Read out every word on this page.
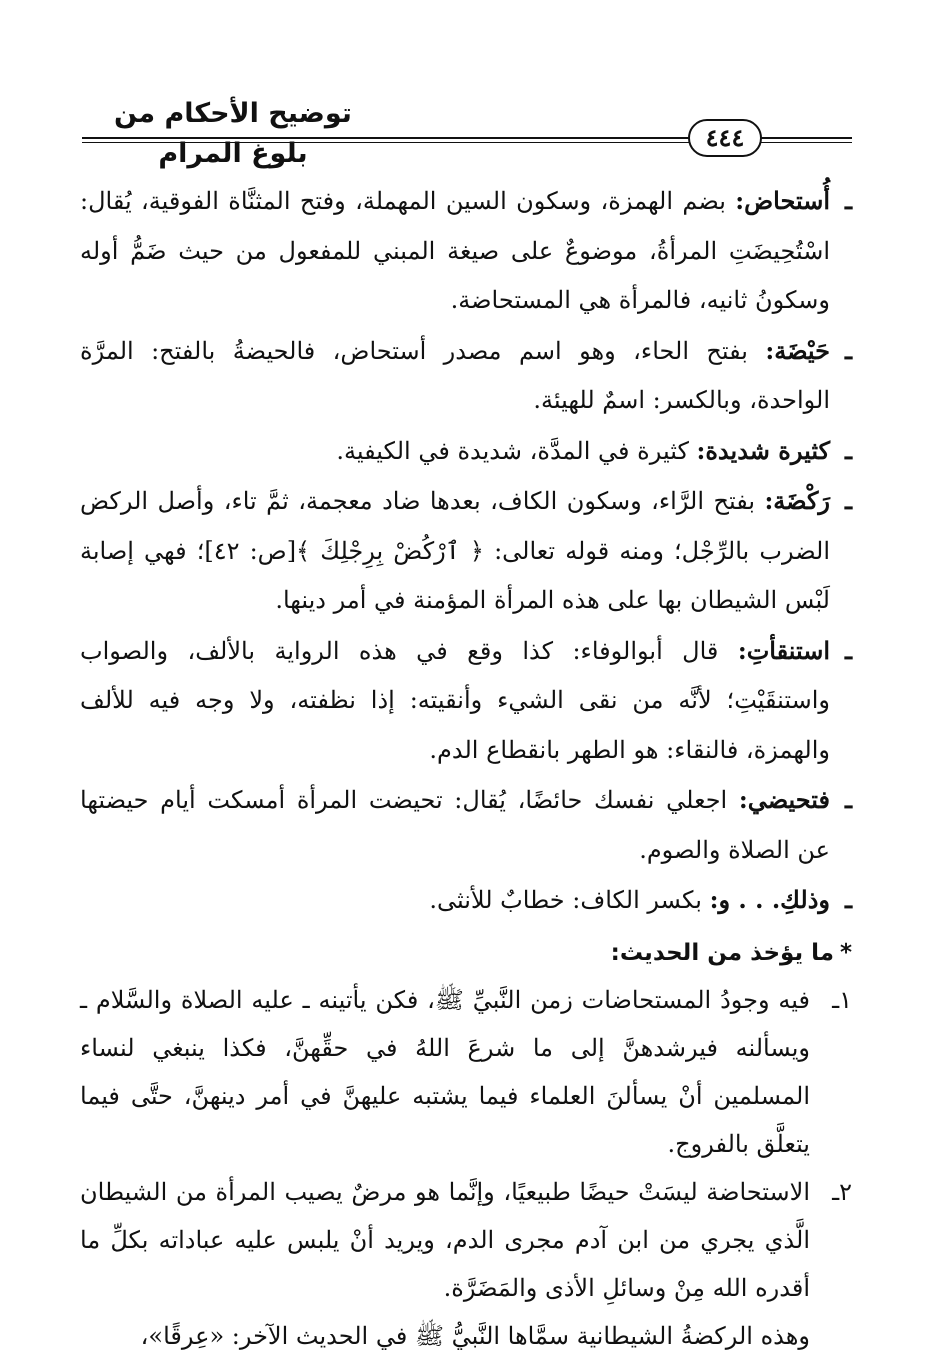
توضيح الأحكام من بلوغ المرام
٤٤٤

ـ
أُستحاض: بضم الهمزة، وسكون السين المهملة، وفتح المثنَّاة الفوقية، يُقال: اسْتُحِيضَتِ المرأةُ، موضوعٌ على صيغة المبني للمفعول من حيث ضَمُّ أوله وسكونُ ثانيه، فالمرأة هي المستحاضة.

ـ
حَيْضَة: بفتح الحاء، وهو اسم مصدر أستحاض، فالحيضةُ بالفتح: المرَّة الواحدة، وبالكسر: اسمٌ للهيئة.

ـ
كثيرة شديدة: كثيرة في المدَّة، شديدة في الكيفية.

ـ
رَكْضَة: بفتح الرَّاء، وسكون الكاف، بعدها ضاد معجمة، ثمَّ تاء، وأصل الركض الضرب بالرِّجْل؛ ومنه قوله تعالى: ﴿ ٱرْكُضْ بِرِجْلِكَ ﴾[ص: ٤٢]؛ فهي إصابة لَبْس الشيطان بها على هذه المرأة المؤمنة في أمر دينها.

ـ
استنقأتِ: قال أبوالوفاء: كذا وقع في هذه الرواية بالألف، والصواب واستنقَيْتِ؛ لأنَّه من نقى الشيء وأنقيته: إذا نظفته، ولا وجه فيه للألف والهمزة، فالنقاء: هو الطهر بانقطاع الدم.

ـ
فتحيضي: اجعلي نفسك حائضًا، يُقال: تحيضت المرأة أمسكت أيام حيضتها عن الصلاة والصوم.

ـ
وذلكِ. . . و: بكسر الكاف: خطابٌ للأنثى.

*ما يؤخذ من الحديث:

١ـ
فيه وجودُ المستحاضات زمن النَّبيِّ ﷺ، فكن يأتينه ـ عليه الصلاة والسَّلام ـ ويسألنه فيرشدهنَّ إلى ما شرعَ اللهُ في حقِّهنَّ، فكذا ينبغي لنساء المسلمين أنْ يسألنَ العلماء فيما يشتبه عليهنَّ في أمر دينهنَّ، حتَّى فيما يتعلَّق بالفروج.

٢ـ
الاستحاضة ليسَتْ حيضًا طبيعيًا، وإنَّما هو مرضٌ يصيب المرأة من الشيطان الَّذي يجري من ابن آدم مجرى الدم، ويريد أنْ يلبس عليه عباداته بكلِّ ما أقدره الله مِنْ وسائلِ الأذى والمَضَرَّة.

وهذه الركضةُ الشيطانية سمَّاها النَّبيُّ ﷺ في الحديث الآخر: «عِرقًا»،
